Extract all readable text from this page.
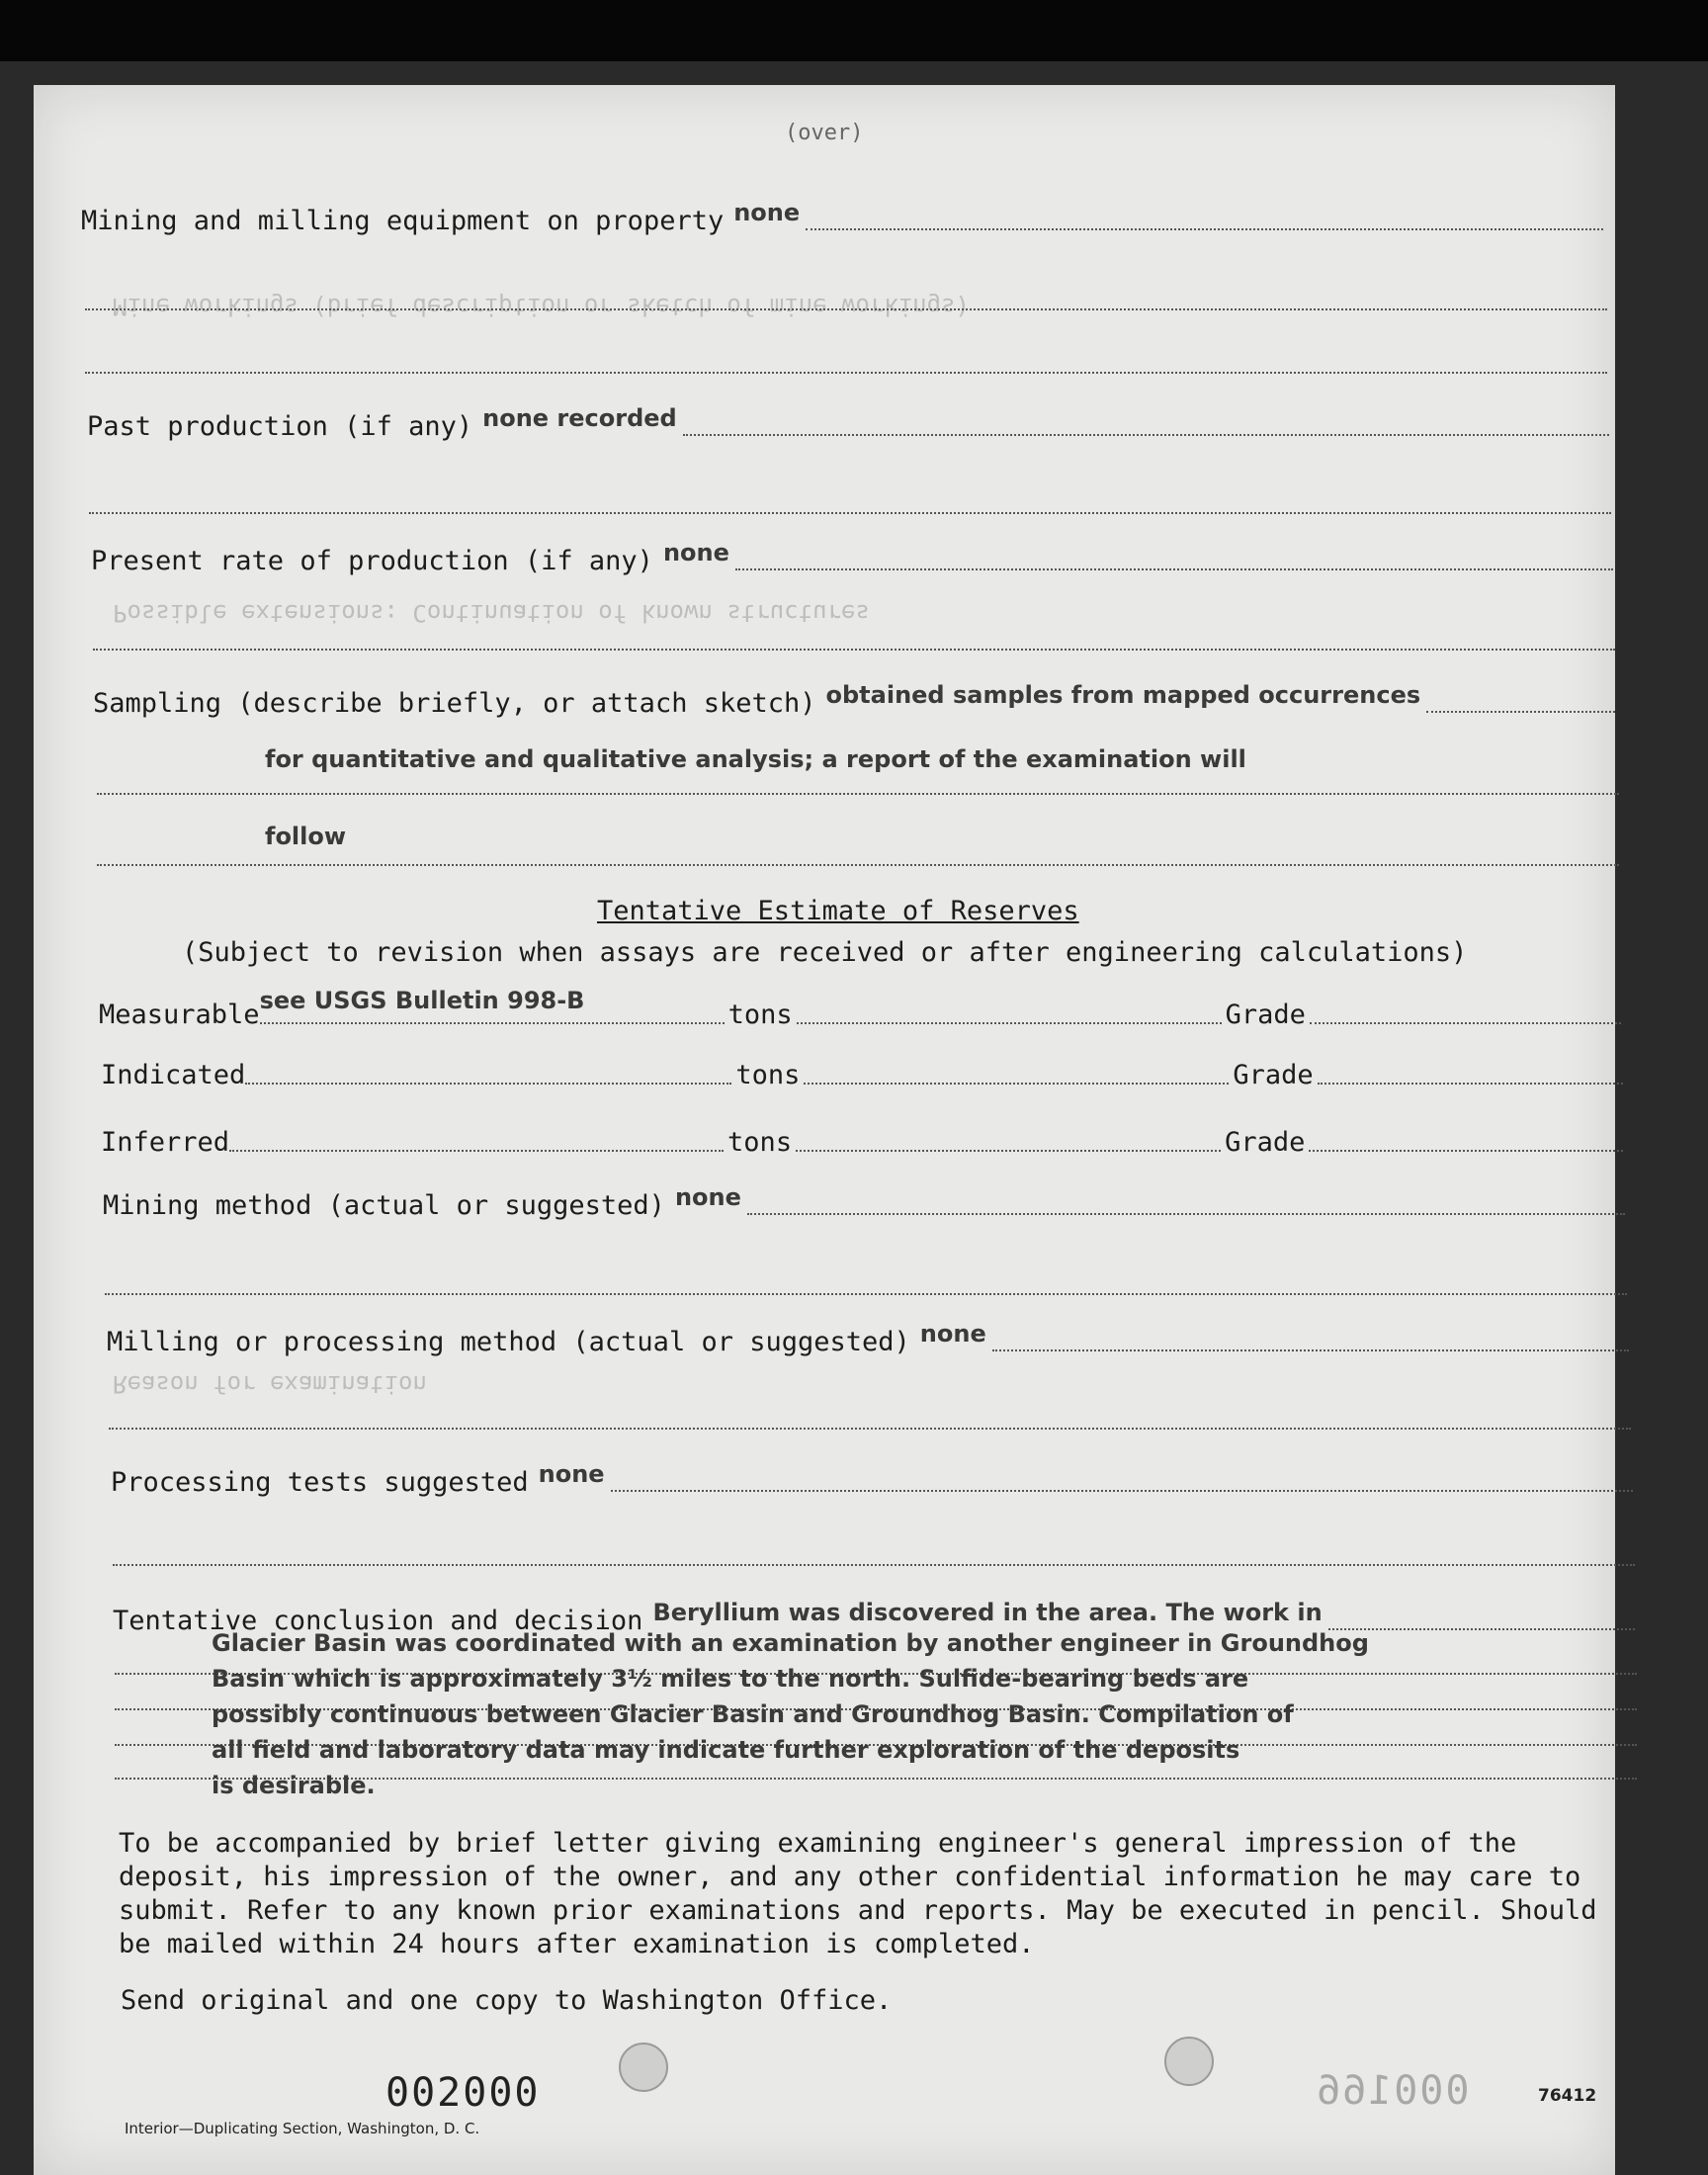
(over)
Mine workings (brief description or sketch of mine workings)
Possible extensions: Continuation of known structures
Reason for examination
Mining and milling equipment on property none
Past production (if any) none recorded
Present rate of production (if any) none
Sampling (describe briefly, or attach sketch) obtained samples from mapped occurrences
for quantitative and qualitative analysis; a report of the examination will
follow
Tentative Estimate of Reserves
(Subject to revision when assays are received or after engineering calculations)
Measurable see USGS Bulletin 998-B	tons	Grade
Indicated	tons	Grade
Inferred	tons	Grade
Mining method (actual or suggested) none
Milling or processing method (actual or suggested) none
Processing tests suggested none
Tentative conclusion and decision Beryllium was discovered in the area. The work in
Glacier Basin was coordinated with an examination by another engineer in Groundhog
Basin which is approximately 3½ miles to the north. Sulfide-bearing beds are
possibly continuous between Glacier Basin and Groundhog Basin. Compilation of
all field and laboratory data may indicate further exploration of the deposits
is desirable.
To be accompanied by brief letter giving examining engineer's general impression of the deposit, his impression of the owner, and any other confidential information he may care to submit. Refer to any known prior examinations and reports. May be executed in pencil. Should be mailed within 24 hours after examination is completed.
Send original and one copy to Washington Office.
002000	000166	76412
Interior—Duplicating Section, Washington, D. C.
